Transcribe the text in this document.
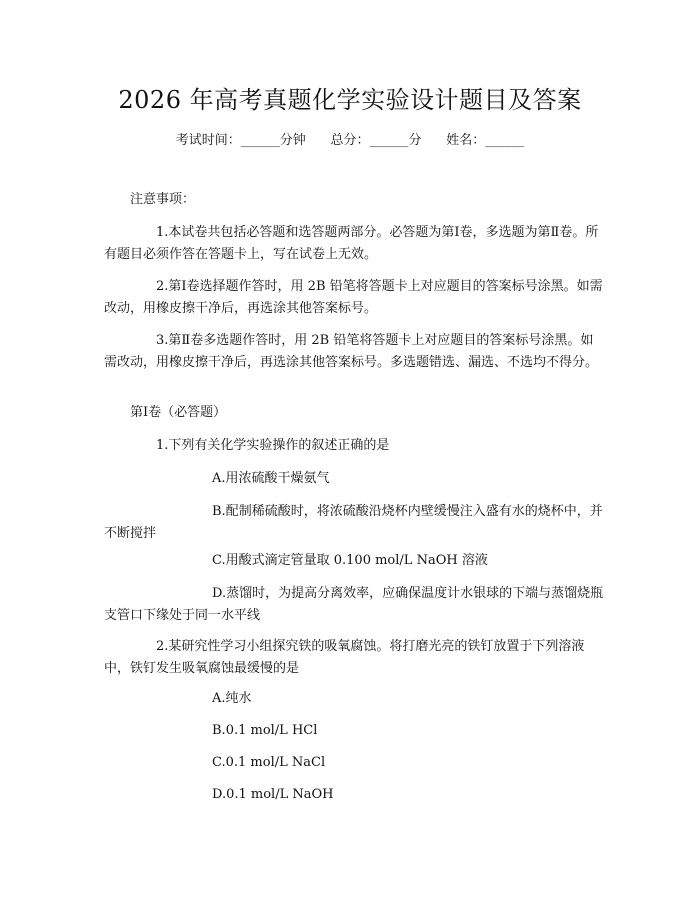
2026 年高考真题化学实验设计题目及答案
考试时间：______分钟      总分：______分      姓名：______

注意事项：

1.本试卷共包括必答题和选答题两部分。必答题为第Ⅰ卷，多选题为第Ⅱ卷。所有题目必须作答在答题卡上，写在试卷上无效。

2.第Ⅰ卷选择题作答时，用 2B 铅笔将答题卡上对应题目的答案标号涂黑。如需改动，用橡皮擦干净后，再选涂其他答案标号。

3.第Ⅱ卷多选题作答时，用 2B 铅笔将答题卡上对应题目的答案标号涂黑。如需改动，用橡皮擦干净后，再选涂其他答案标号。多选题错选、漏选、不选均不得分。

第Ⅰ卷（必答题）

1.下列有关化学实验操作的叙述正确的是

A.用浓硫酸干燥氨气

B.配制稀硫酸时，将浓硫酸沿烧杯内壁缓慢注入盛有水的烧杯中，并不断搅拌

C.用酸式滴定管量取 0.100 mol/L NaOH 溶液

D.蒸馏时，为提高分离效率，应确保温度计水银球的下端与蒸馏烧瓶支管口下缘处于同一水平线

2.某研究性学习小组探究铁的吸氧腐蚀。将打磨光亮的铁钉放置于下列溶液中，铁钉发生吸氧腐蚀最缓慢的是

A.纯水

B.0.1 mol/L HCl

C.0.1 mol/L NaCl

D.0.1 mol/L NaOH
